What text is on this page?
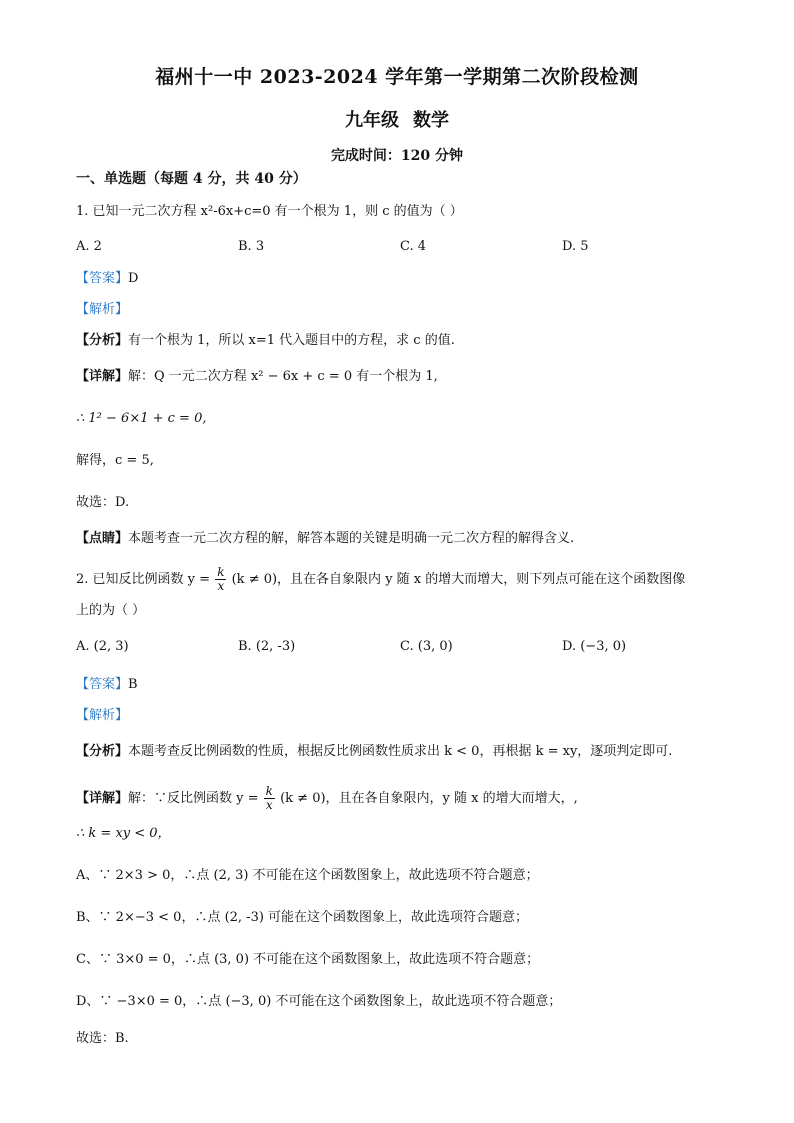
福州十一中 2023-2024 学年第一学期第二次阶段检测
九年级 数学
完成时间：120 分钟
一、单选题（每题 4 分，共 40 分）
1. 已知一元二次方程 x²-6x+c=0 有一个根为 1，则 c 的值为（ ）
A. 2	B. 3	C. 4	D. 5
【答案】D
【解析】
【分析】有一个根为 1，所以 x=1 代入题目中的方程，求 c 的值.
【详解】解：Q 一元二次方程 x² − 6x + c = 0 有一个根为 1,
∴ 1² − 6×1 + c = 0,
解得，c = 5,
故选：D.
【点睛】本题考查一元二次方程的解，解答本题的关键是明确一元二次方程的解得含义.
2. 已知反比例函数 $y = \frac{k}{x} (k \ne 0)$，且在各自象限内 y 随 x 的增大而增大，则下列点可能在这个函数图像
上的为（ ）
A. (2, 3)	B. (2, -3)	C. (3, 0)	D. (−3, 0)
【答案】B
【解析】
【分析】本题考查反比例函数的性质，根据反比例函数性质求出 k < 0，再根据 k = xy，逐项判定即可.
【详解】解：∵反比例函数 $y = \frac{k}{x} (k \ne 0)$，且在各自象限内，y 随 x 的增大而增大，,
∴ k = xy < 0，
A、∵ 2×3 > 0，∴点 (2, 3) 不可能在这个函数图象上，故此选项不符合题意；
B、∵ 2×−3 < 0，∴点 (2, -3) 可能在这个函数图象上，故此选项符合题意；
C、∵ 3×0 = 0，∴点 (3, 0) 不可能在这个函数图象上，故此选项不符合题意；
D、∵ −3×0 = 0，∴点 (−3, 0) 不可能在这个函数图象上，故此选项不符合题意；
故选：B.
